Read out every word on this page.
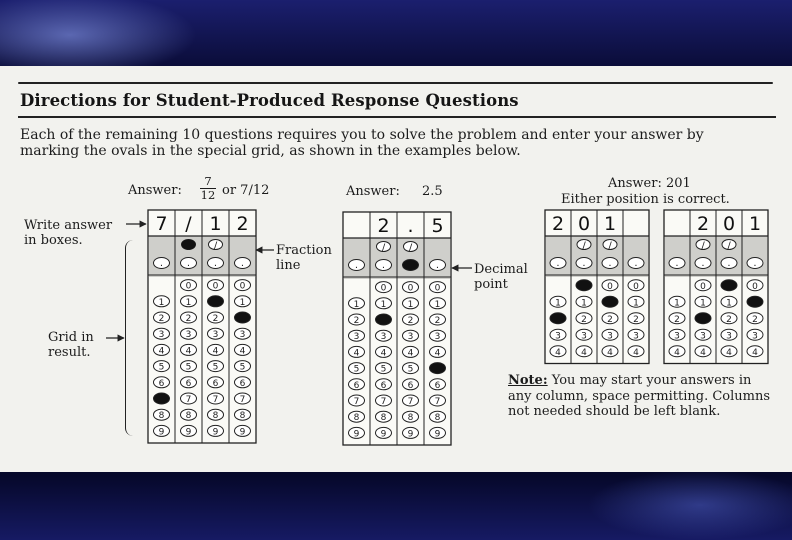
Directions for Student-Produced Response Questions

Each of the remaining 10 questions requires you to solve the problem and enter your answer by marking the ovals in the special grid, as shown in the examples below.

Answer:
7
12 or 7/12	Answer: 2.5
Answer: 201
Either position is correct.
Write answer in boxes.
Fraction line	Decimal point
Grid in result.

Note: You may start your answers in any column, space permitting. Columns not needed should be left blank.

7
.
1
2
3
4
5
6
8
9
/
.
0
1
2
3
4
5
6
7
8
9
1
/
.
0
2
3
4
5
6
7
8
9
2
.
0
1
3
4
5
6
7
8
9
.
1
2
3
4
5
6
7
8
9
2
/
.
0
1
3
4
5
6
7
8
9
.
/
0
1
2
3
4
5
6
7
8
9
5
.
0
1
2
3
4
6
7
8
9
2
.
1
3
4
0
/
.
1
2
3
4
1
/
.
0
2
3
4
.
0
1
2
3
4
.
1
2
3
4
2
/
.
0
1
3
4
0
/
.
1
2
3
4
1
.
0
2
3
4
